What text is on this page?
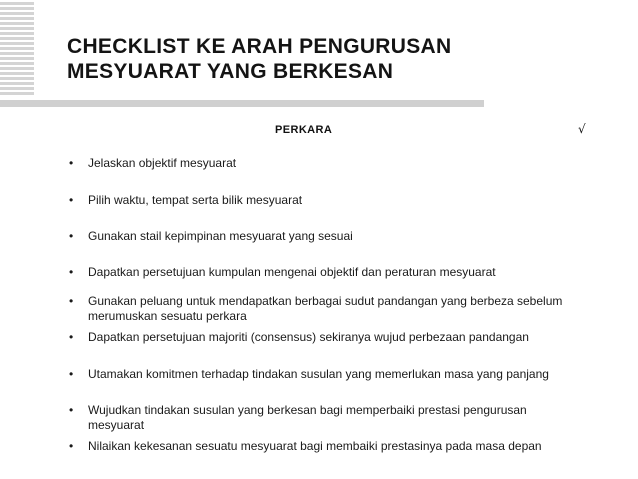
CHECKLIST KE ARAH PENGURUSAN
MESYUARAT YANG BERKESAN
PERKARA	√
•	Jelaskan objektif mesyuarat
•	Pilih waktu, tempat serta bilik mesyuarat
•	Gunakan stail kepimpinan mesyuarat yang sesuai
•	Dapatkan persetujuan kumpulan mengenai objektif dan peraturan mesyuarat
•	Gunakan peluang untuk mendapatkan berbagai sudut pandangan yang berbeza sebelum merumuskan sesuatu perkara
•	Dapatkan persetujuan majoriti (consensus) sekiranya wujud perbezaan pandangan
•	Utamakan komitmen terhadap tindakan susulan yang memerlukan masa yang panjang
•	Wujudkan tindakan susulan yang berkesan bagi memperbaiki prestasi pengurusan mesyuarat
•	Nilaikan kekesanan sesuatu mesyuarat bagi membaiki prestasinya pada masa depan
